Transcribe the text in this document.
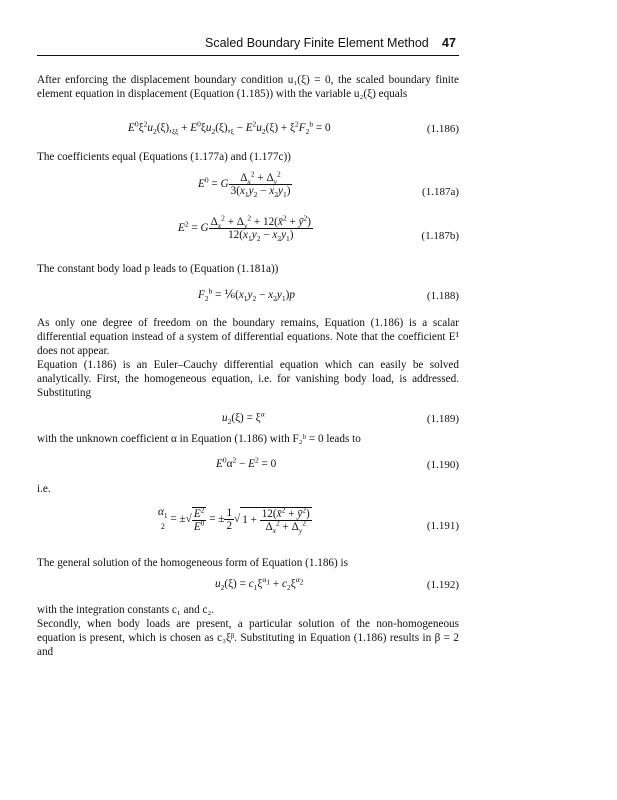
Scaled Boundary Finite Element Method 47

After enforcing the displacement boundary condition u₁(ξ) = 0, the scaled boundary finite element equation in displacement (Equation (1.185)) with the variable u₂(ξ) equals

$E^0\xi^2u_2(\xi),_{\xi\xi} + E^0\xi u_2(\xi),_\xi - E^2u_2(\xi) + \xi^2F_2^b = 0$	(1.186)

The coefficients equal (Equations (1.177a) and (1.177c))

$E^0 = G \frac{\Delta_x^2 + \Delta_y^2}{3(x_1y_2 - x_2y_1)}$	(1.187a)
$E^2 = G \frac{\Delta_x^2 + \Delta_y^2 + 12(x̄^2 + ȳ^2)}{12(x_1y_2 - x_2y_1)}$	(1.187b)

The constant body load p leads to (Equation (1.181a))

$F_2^b$ = $\frac{1}{6}(x_1y_2 - x_2y_1)p$	(1.188)

As only one degree of freedom on the boundary remains, Equation (1.186) is a scalar differential equation instead of a system of differential equations. Note that the coefficient E¹ does not appear.

Equation (1.186) is an Euler–Cauchy differential equation which can easily be solved analytically. First, the homogeneous equation, i.e. for vanishing body load, is addressed. Substituting

$u_2(\xi) = \xi^\alpha$	(1.189)

with the unknown coefficient α in Equation (1.186) with F₂ᵇ = 0 leads to

$E^0\alpha^2 - E^2 = 0$	(1.190)

i.e.

$\alpha_1$
2 = ±√ $\frac{E^2}{E^0}$ = ± $\frac{1}{2}$ √ $1 + \frac{12(x̄^2 + ȳ^2)}{\Delta_x^2 + \Delta_y^2}$	(1.191)

The general solution of the homogeneous form of Equation (1.186) is

$u_2(\xi) = c_1\xi^{\alpha_1} + c_2\xi^{\alpha_2}$	(1.192)

with the integration constants c₁ and c₂.

Secondly, when body loads are present, a particular solution of the non-homogeneous equation is present, which is chosen as c₃ξᵝ. Substituting in Equation (1.186) results in β = 2 and
